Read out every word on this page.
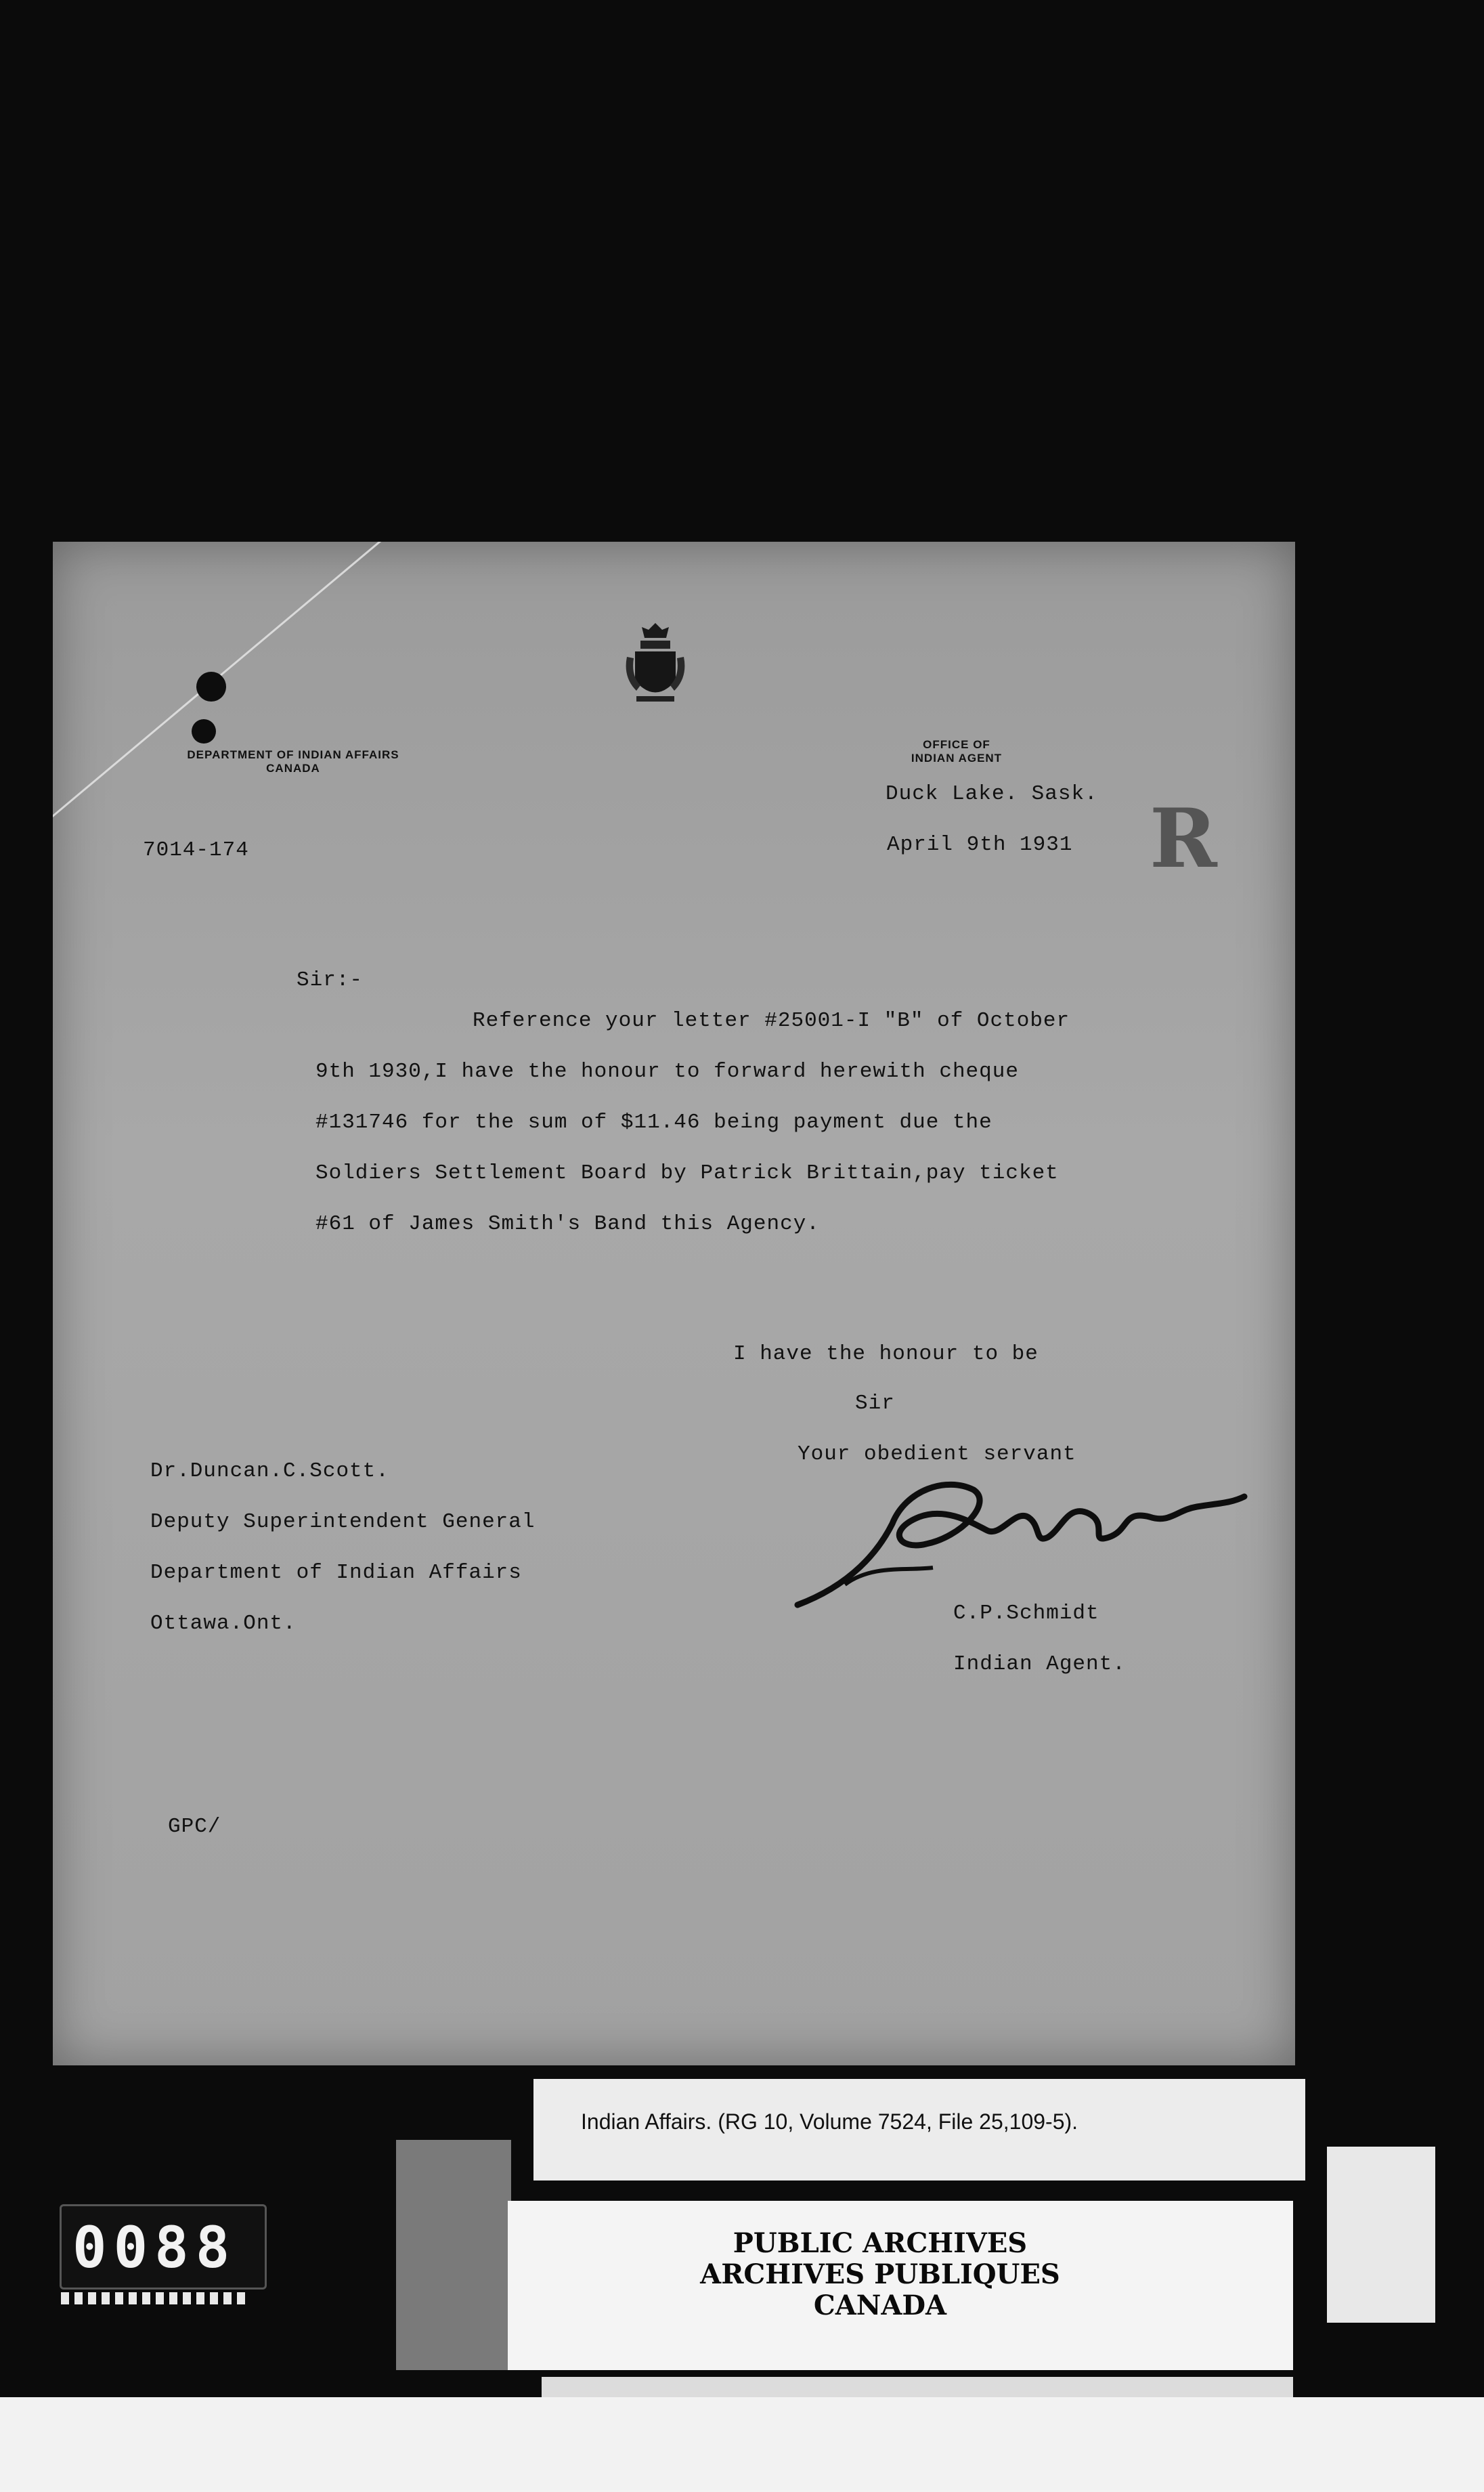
DEPARTMENT OF INDIAN AFFAIRS
CANADA
OFFICE OF
INDIAN AGENT
Duck Lake. Sask.
April 9th 1931 R
7014-174
Sir:-
Reference your letter #25001-I "B" of October
9th 1930,I have the honour to forward herewith cheque
#131746 for the sum of $11.46 being payment due the
Soldiers Settlement Board by Patrick Brittain,pay ticket
#61 of James Smith's Band this Agency.
I have the honour to be
Sir
Your obedient servant
Dr.Duncan.C.Scott.
Deputy Superintendent General
Department of Indian Affairs
Ottawa.Ont.	C.P.Schmidt
Indian Agent.
GPC/
Indian Affairs. (RG 10, Volume 7524, File 25,109-5).
PUBLIC ARCHIVES
ARCHIVES PUBLIQUES
CANADA
0088
